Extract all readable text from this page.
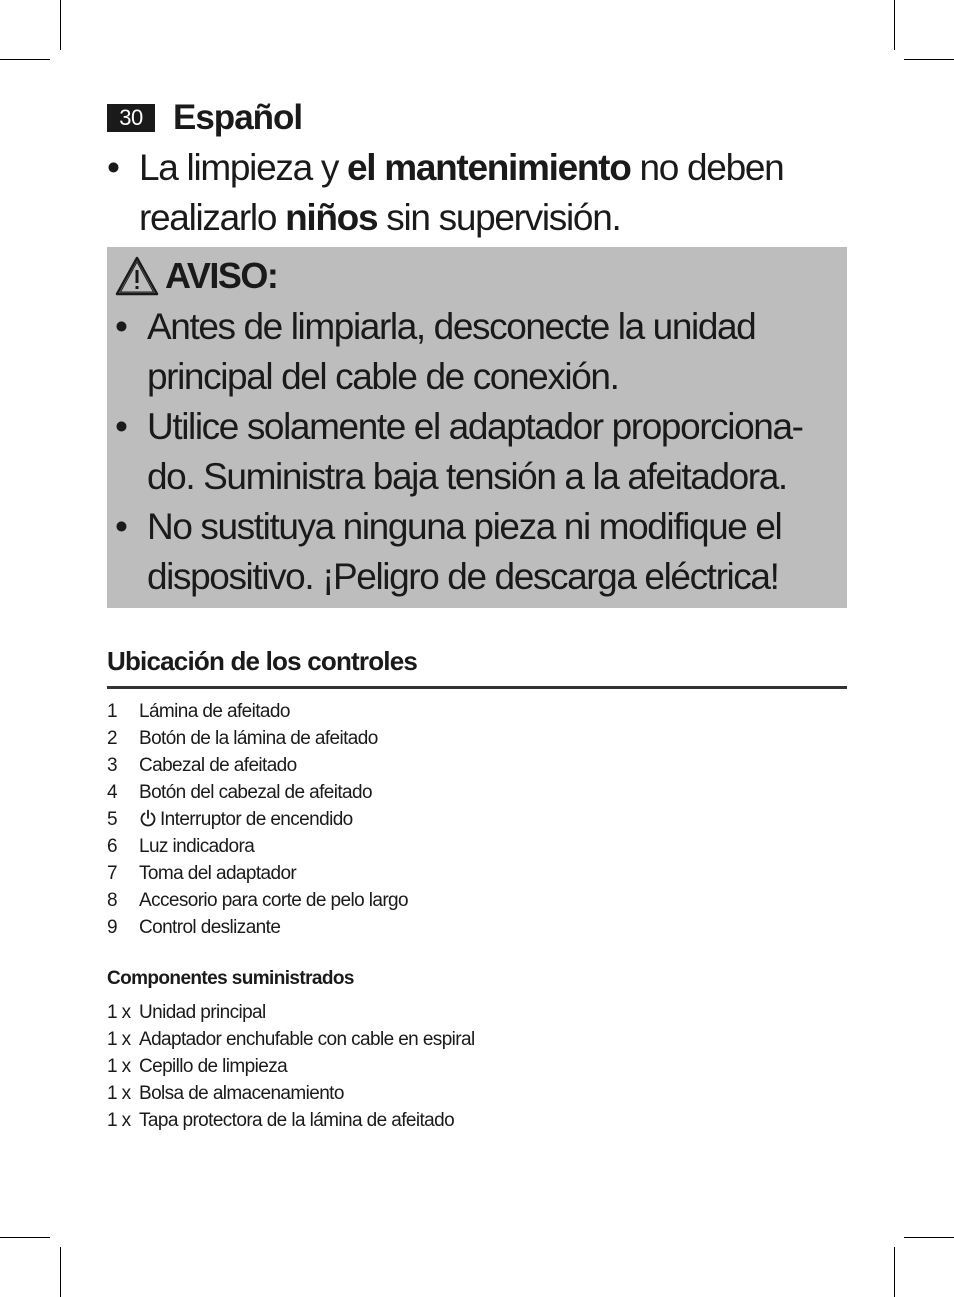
30 Español
• La limpieza y el mantenimiento no deben realizarlo niños sin supervisión.
AVISO:
• Antes de limpiarla, desconecte la unidad principal del cable de conexión.
• Utilice solamente el adaptador proporciona-do. Suministra baja tensión a la afeitadora.
• No sustituya ninguna pieza ni modifique el dispositivo. ¡Peligro de descarga eléctrica!
Ubicación de los controles
1	Lámina de afeitado
2	Botón de la lámina de afeitado
3	Cabezal de afeitado
4	Botón del cabezal de afeitado
5	Interruptor de encendido
6	Luz indicadora
7	Toma del adaptador
8	Accesorio para corte de pelo largo
9	Control deslizante
Componentes suministrados
1 x Unidad principal
1 x Adaptador enchufable con cable en espiral
1 x Cepillo de limpieza
1 x Bolsa de almacenamiento
1 x Tapa protectora de la lámina de afeitado
